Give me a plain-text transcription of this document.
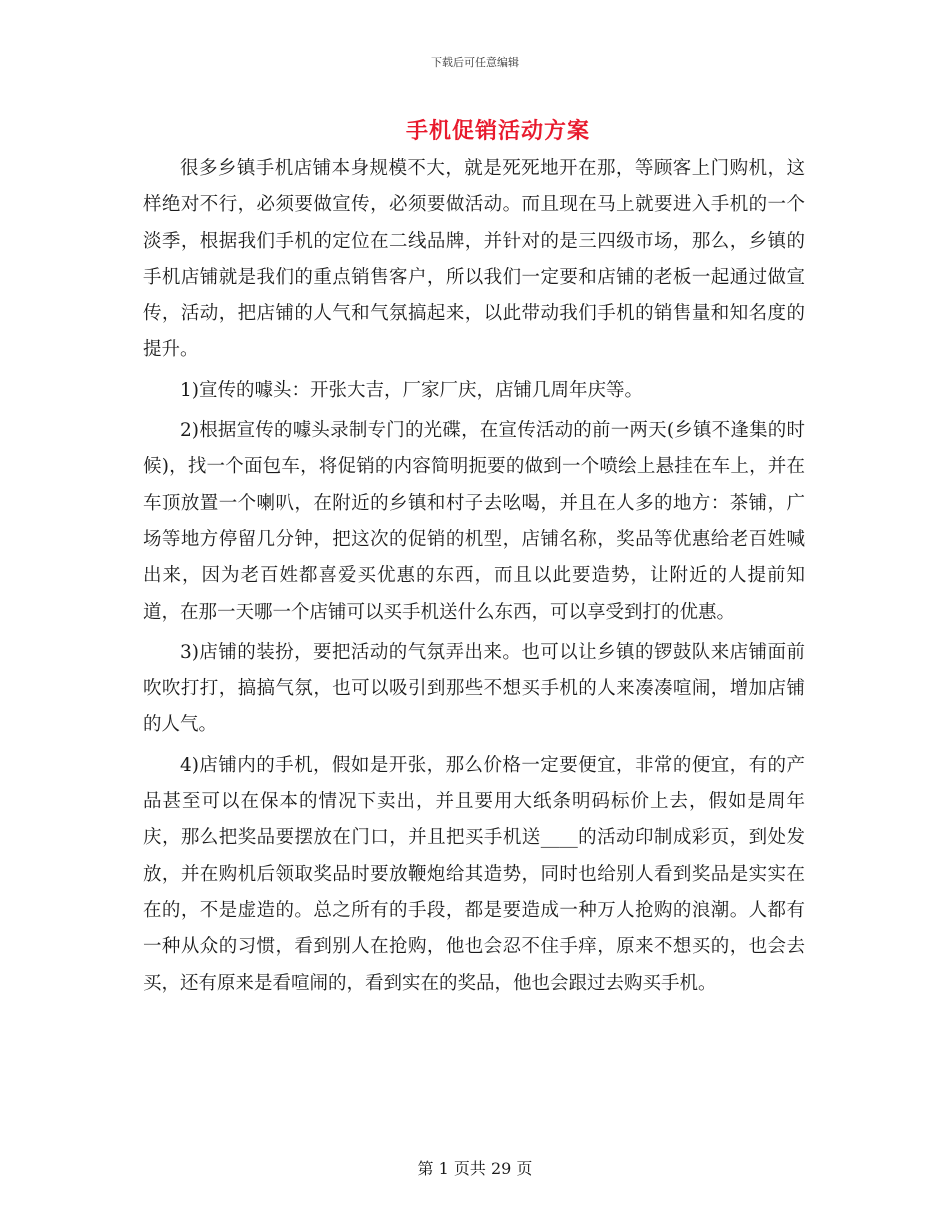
下载后可任意编辑
手机促销活动方案

很多乡镇手机店铺本身规模不大，就是死死地开在那，等顾客上门购机，这样绝对不行，必须要做宣传，必须要做活动。而且现在马上就要进入手机的一个淡季，根据我们手机的定位在二线品牌，并针对的是三四级市场，那么，乡镇的手机店铺就是我们的重点销售客户，所以我们一定要和店铺的老板一起通过做宣传，活动，把店铺的人气和气氛搞起来，以此带动我们手机的销售量和知名度的提升。

1)宣传的噱头：开张大吉，厂家厂庆，店铺几周年庆等。

2)根据宣传的噱头录制专门的光碟，在宣传活动的前一两天(乡镇不逢集的时候)，找一个面包车，将促销的内容简明扼要的做到一个喷绘上悬挂在车上，并在车顶放置一个喇叭，在附近的乡镇和村子去吆喝，并且在人多的地方：茶铺，广场等地方停留几分钟，把这次的促销的机型，店铺名称，奖品等优惠给老百姓喊出来，因为老百姓都喜爱买优惠的东西，而且以此要造势，让附近的人提前知道，在那一天哪一个店铺可以买手机送什么东西，可以享受到打的优惠。

3)店铺的装扮，要把活动的气氛弄出来。也可以让乡镇的锣鼓队来店铺面前吹吹打打，搞搞气氛，也可以吸引到那些不想买手机的人来凑凑喧闹，增加店铺的人气。

4)店铺内的手机，假如是开张，那么价格一定要便宜，非常的便宜，有的产品甚至可以在保本的情况下卖出，并且要用大纸条明码标价上去，假如是周年庆，那么把奖品要摆放在门口，并且把买手机送____的活动印制成彩页，到处发放，并在购机后领取奖品时要放鞭炮给其造势，同时也给别人看到奖品是实实在在的，不是虚造的。总之所有的手段，都是要造成一种万人抢购的浪潮。人都有一种从众的习惯，看到别人在抢购，他也会忍不住手痒，原来不想买的，也会去买，还有原来是看喧闹的，看到实在的奖品，他也会跟过去购买手机。

第 1 页共 29 页
